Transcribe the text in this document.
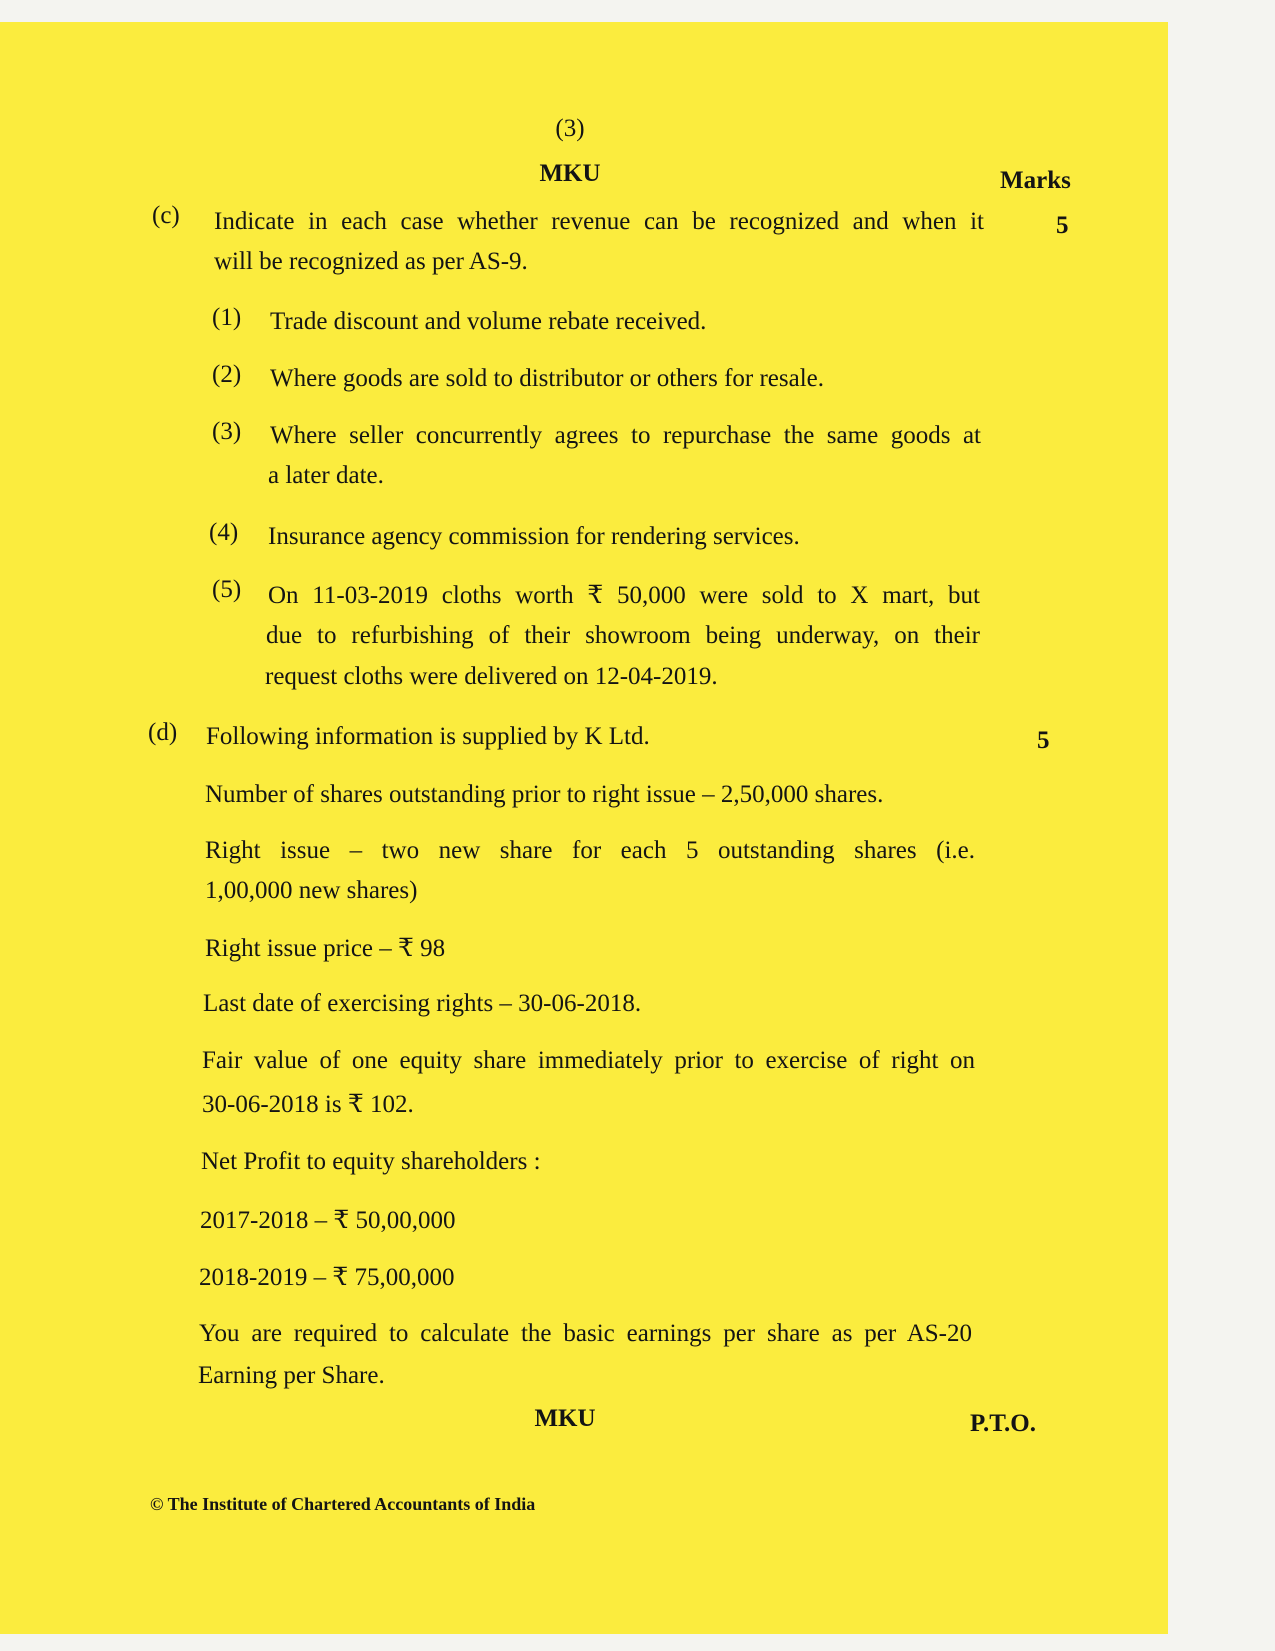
(3)

MKU	Marks

(c) Indicate in each case whether revenue can be recognized and when it

will be recognized as per AS-9.

5

(1) Trade discount and volume rebate received.

(2) Where goods are sold to distributor or others for resale.

(3) Where seller concurrently agrees to repurchase the same goods at

a later date.

(4) Insurance agency commission for rendering services.

(5) On 11-03-2019 cloths worth ₹ 50,000 were sold to X mart, but

due to refurbishing of their showroom being underway, on their

request cloths were delivered on 12-04-2019.

(d) Following information is supplied by K Ltd.	5

Number of shares outstanding prior to right issue – 2,50,000 shares.

Right issue – two new share for each 5 outstanding shares (i.e.

1,00,000 new shares)

Right issue price – ₹ 98

Last date of exercising rights – 30-06-2018.

Fair value of one equity share immediately prior to exercise of right on

30-06-2018 is ₹ 102.

Net Profit to equity shareholders :

2017-2018 – ₹ 50,00,000

2018-2019 – ₹ 75,00,000

You are required to calculate the basic earnings per share as per AS-20

Earning per Share.

MKU	P.T.O.

© The Institute of Chartered Accountants of India
